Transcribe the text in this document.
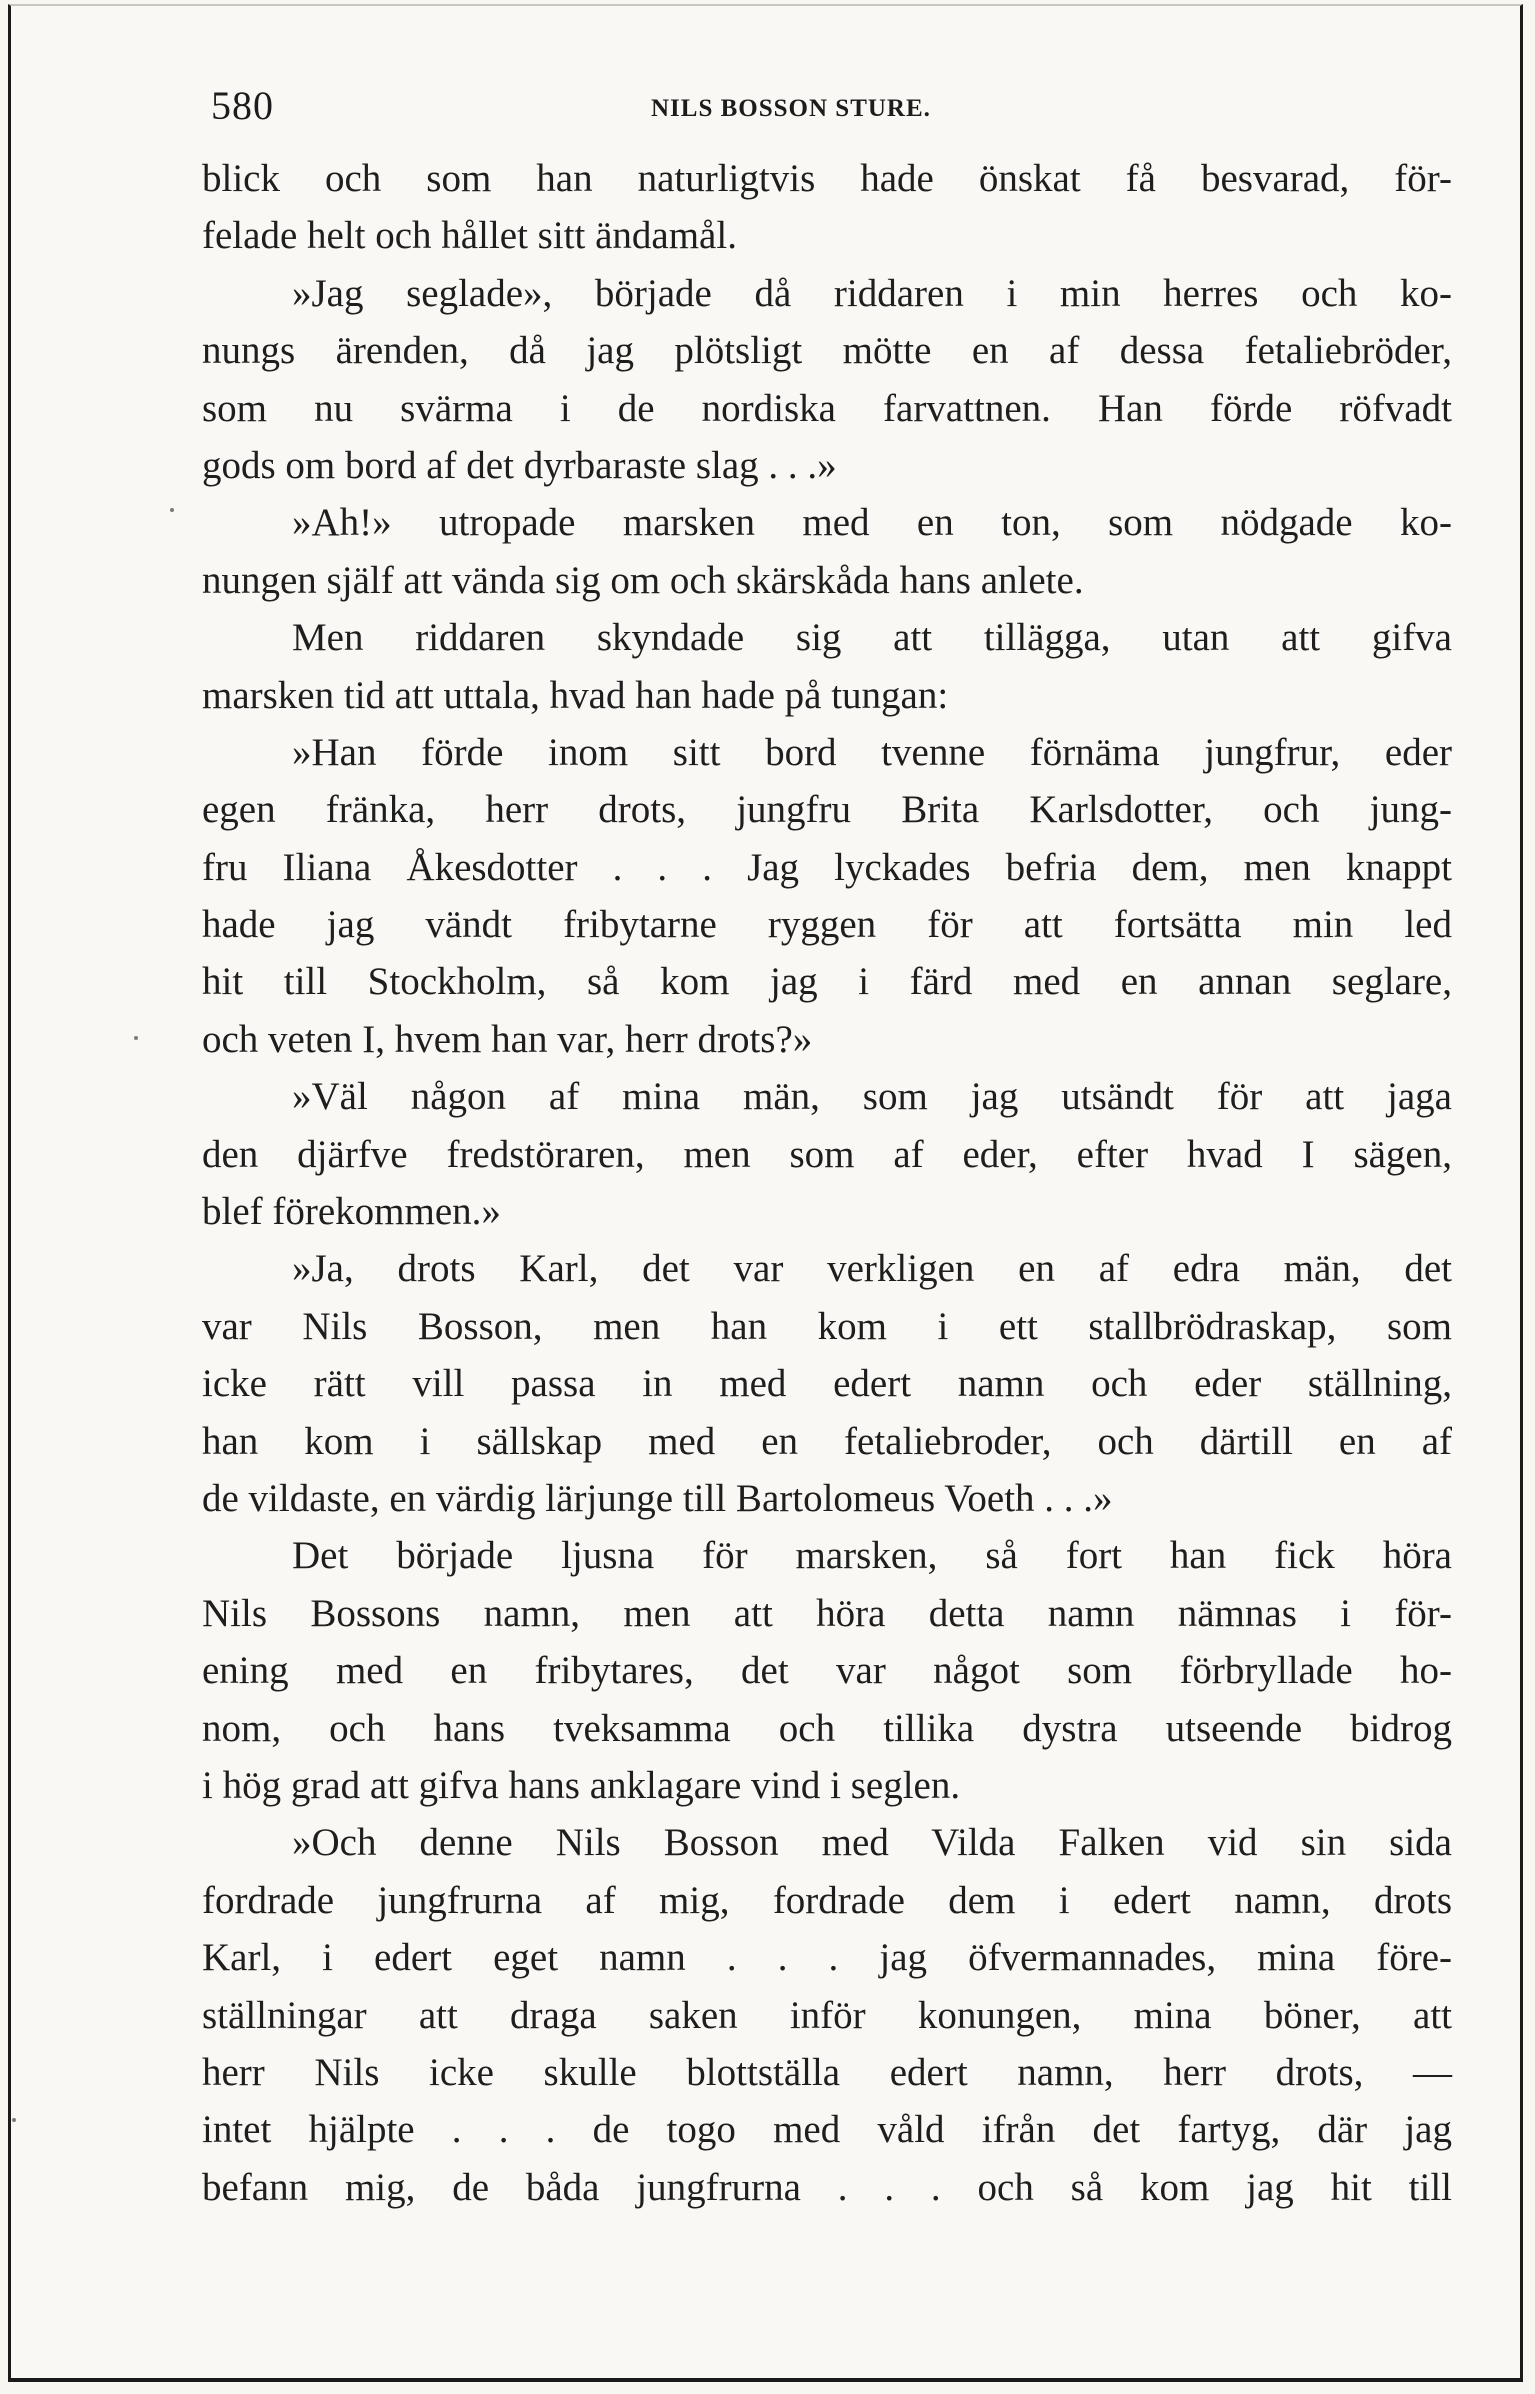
580	NILS BOSSON STURE.
blick och som han naturligtvis hade önskat få besvarad, för-
felade helt och hållet sitt ändamål.
»Jag seglade», började då riddaren i min herres och ko-
nungs ärenden, då jag plötsligt mötte en af dessa fetaliebröder,
som nu svärma i de nordiska farvattnen. Han förde röfvadt
gods om bord af det dyrbaraste slag . . .»
»Ah!» utropade marsken med en ton, som nödgade ko-
nungen själf att vända sig om och skärskåda hans anlete.
Men riddaren skyndade sig att tillägga, utan att gifva
marsken tid att uttala, hvad han hade på tungan:
»Han förde inom sitt bord tvenne förnäma jungfrur, eder
egen fränka, herr drots, jungfru Brita Karlsdotter, och jung-
fru Iliana Åkesdotter . . . Jag lyckades befria dem, men knappt
hade jag vändt fribytarne ryggen för att fortsätta min led
hit till Stockholm, så kom jag i färd med en annan seglare,
och veten I, hvem han var, herr drots?»
»Väl någon af mina män, som jag utsändt för att jaga
den djärfve fredstöraren, men som af eder, efter hvad I sägen,
blef förekommen.»
»Ja, drots Karl, det var verkligen en af edra män, det
var Nils Bosson, men han kom i ett stallbrödraskap, som
icke rätt vill passa in med edert namn och eder ställning,
han kom i sällskap med en fetaliebroder, och därtill en af
de vildaste, en värdig lärjunge till Bartolomeus Voeth . . .»
Det började ljusna för marsken, så fort han fick höra
Nils Bossons namn, men att höra detta namn nämnas i för-
ening med en fribytares, det var något som förbryllade ho-
nom, och hans tveksamma och tillika dystra utseende bidrog
i hög grad att gifva hans anklagare vind i seglen.
»Och denne Nils Bosson med Vilda Falken vid sin sida
fordrade jungfrurna af mig, fordrade dem i edert namn, drots
Karl, i edert eget namn . . . jag öfvermannades, mina före-
ställningar att draga saken inför konungen, mina böner, att
herr Nils icke skulle blottställa edert namn, herr drots, —
intet hjälpte . . . de togo med våld ifrån det fartyg, där jag
befann mig, de båda jungfrurna . . . och så kom jag hit till
